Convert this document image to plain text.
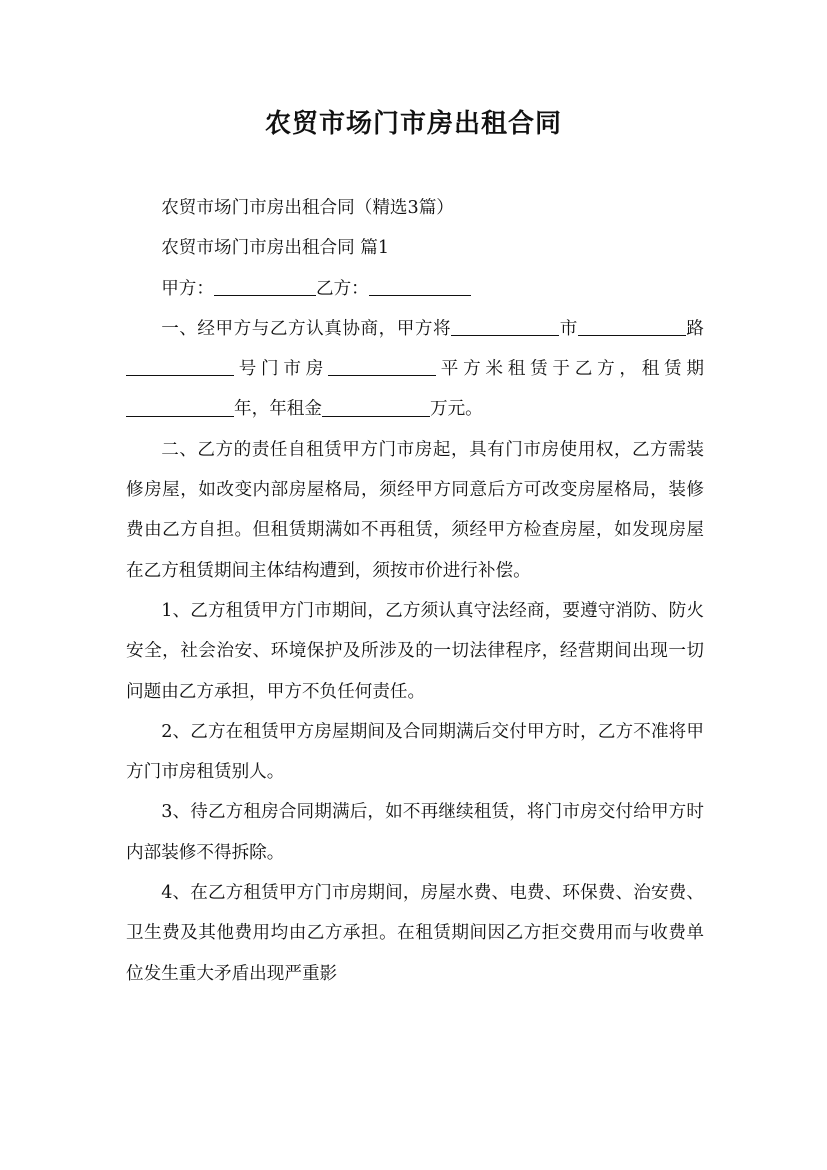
农贸市场门市房出租合同

农贸市场门市房出租合同（精选3篇）

农贸市场门市房出租合同 篇1

甲方：	乙方：

一、经甲方与乙方认真协商，甲方将	市	路号门市房	平方米租赁于乙方，租赁期年，年租金	万元。

二、乙方的责任自租赁甲方门市房起，具有门市房使用权，乙方需装修房屋，如改变内部房屋格局，须经甲方同意后方可改变房屋格局，装修费由乙方自担。但租赁期满如不再租赁，须经甲方检查房屋，如发现房屋在乙方租赁期间主体结构遭到，须按市价进行补偿。

1、乙方租赁甲方门市期间，乙方须认真守法经商，要遵守消防、防火安全，社会治安、环境保护及所涉及的一切法律程序，经营期间出现一切问题由乙方承担，甲方不负任何责任。

2、乙方在租赁甲方房屋期间及合同期满后交付甲方时，乙方不准将甲方门市房租赁别人。

3、待乙方租房合同期满后，如不再继续租赁，将门市房交付给甲方时内部装修不得拆除。

4、在乙方租赁甲方门市房期间，房屋水费、电费、环保费、治安费、卫生费及其他费用均由乙方承担。在租赁期间因乙方拒交费用而与收费单位发生重大矛盾出现严重影
